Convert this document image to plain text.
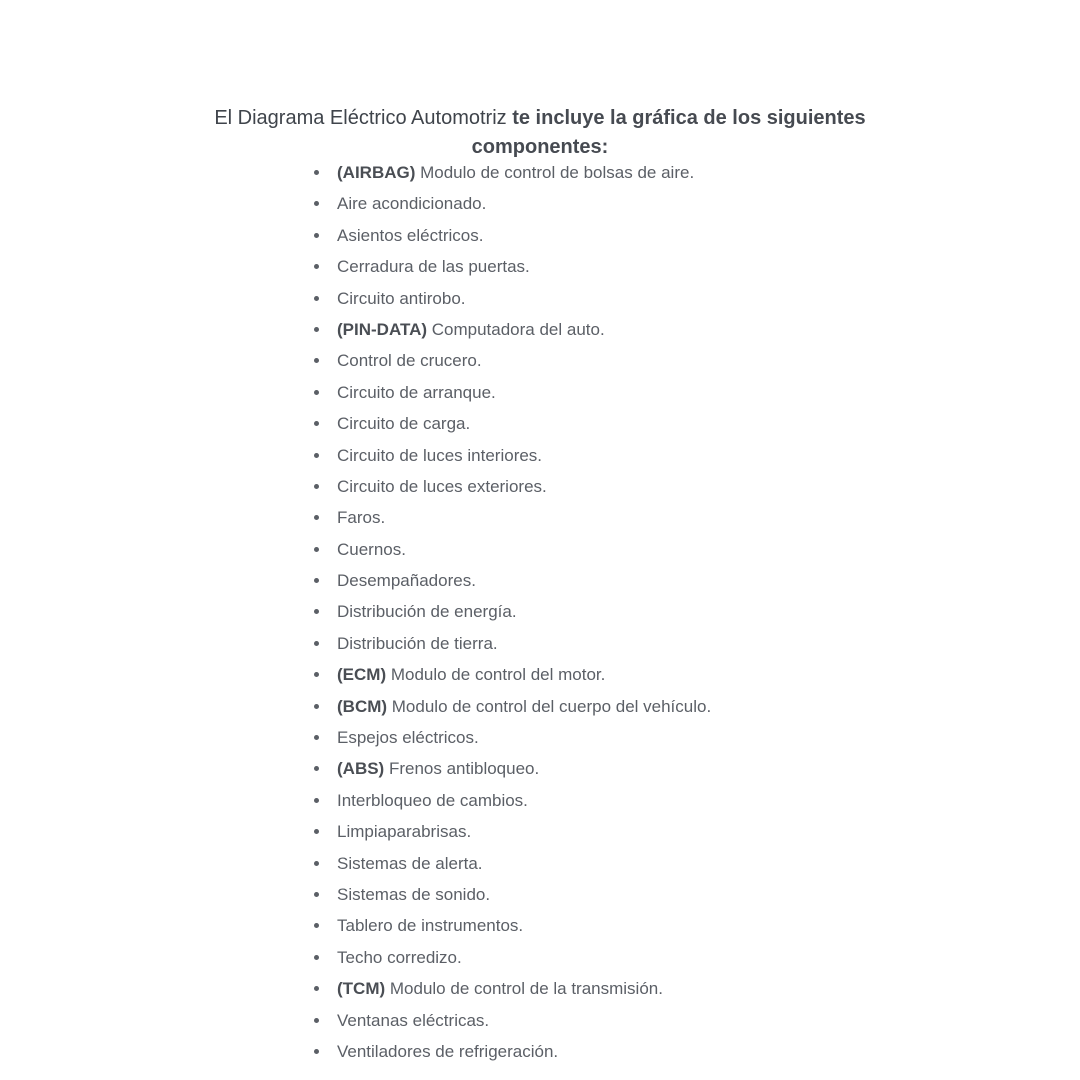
El Diagrama Eléctrico Automotriz te incluye la gráfica de los siguientes componentes:

(AIRBAG) Modulo de control de bolsas de aire.
Aire acondicionado.
Asientos eléctricos.
Cerradura de las puertas.
Circuito antirobo.
(PIN-DATA) Computadora del auto.
Control de crucero.
Circuito de arranque.
Circuito de carga.
Circuito de luces interiores.
Circuito de luces exteriores.
Faros.
Cuernos.
Desempañadores.
Distribución de energía.
Distribución de tierra.
(ECM) Modulo de control del motor.
(BCM) Modulo de control del cuerpo del vehículo.
Espejos eléctricos.
(ABS) Frenos antibloqueo.
Interbloqueo de cambios.
Limpiaparabrisas.
Sistemas de alerta.
Sistemas de sonido.
Tablero de instrumentos.
Techo corredizo.
(TCM) Modulo de control de la transmisión.
Ventanas eléctricas.
Ventiladores de refrigeración.
